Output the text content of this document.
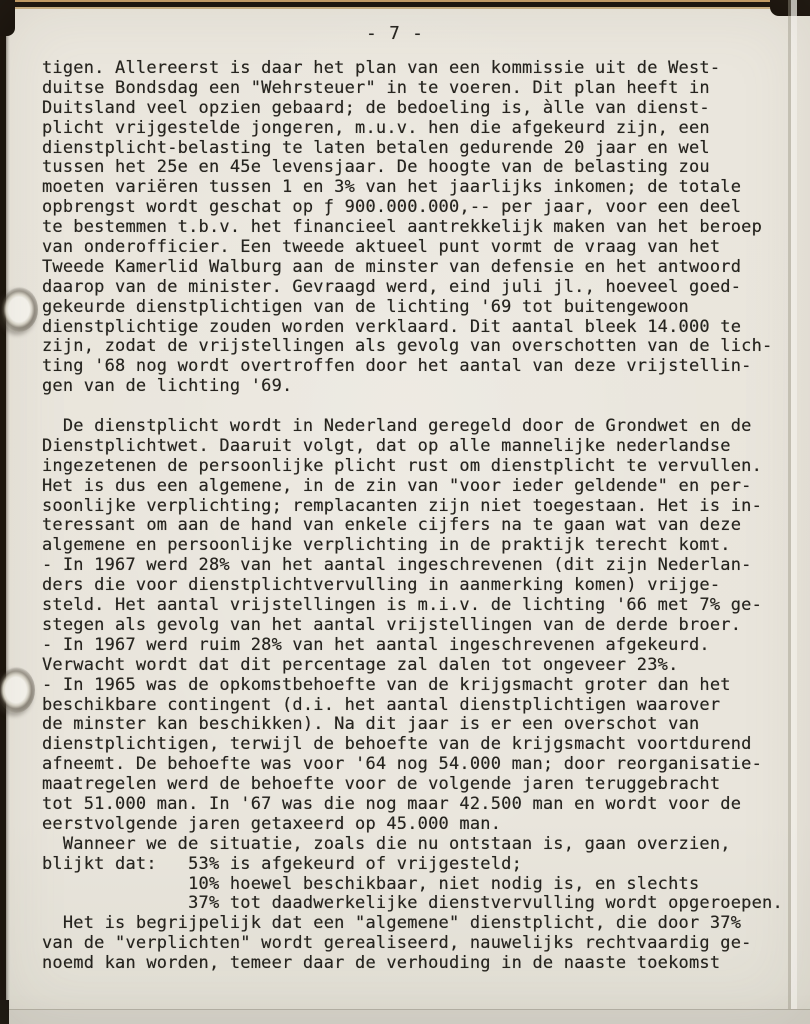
- 7 -
tigen. Allereerst is daar het plan van een kommissie uit de West-
duitse Bondsdag een "Wehrsteuer" in te voeren. Dit plan heeft in
Duitsland veel opzien gebaard; de bedoeling is, àlle van dienst-
plicht vrijgestelde jongeren, m.u.v. hen die afgekeurd zijn, een
dienstplicht-belasting te laten betalen gedurende 20 jaar en wel
tussen het 25e en 45e levensjaar. De hoogte van de belasting zou
moeten variëren tussen 1 en 3% van het jaarlijks inkomen; de totale
opbrengst wordt geschat op ƒ 900.000.000,-- per jaar, voor een deel
te bestemmen t.b.v. het financieel aantrekkelijk maken van het beroep
van onderofficier. Een tweede aktueel punt vormt de vraag van het
Tweede Kamerlid Walburg aan de minster van defensie en het antwoord
daarop van de minister. Gevraagd werd, eind juli jl., hoeveel goed-
gekeurde dienstplichtigen van de lichting '69 tot buitengewoon
dienstplichtige zouden worden verklaard. Dit aantal bleek 14.000 te
zijn, zodat de vrijstellingen als gevolg van overschotten van de lich-
ting '68 nog wordt overtroffen door het aantal van deze vrijstellin-
gen van de lichting '69.

De dienstplicht wordt in Nederland geregeld door de Grondwet en de
Dienstplichtwet. Daaruit volgt, dat op alle mannelijke nederlandse
ingezetenen de persoonlijke plicht rust om dienstplicht te vervullen.
Het is dus een algemene, in de zin van "voor ieder geldende" en per-
soonlijke verplichting; remplacanten zijn niet toegestaan. Het is in-
teressant om aan de hand van enkele cijfers na te gaan wat van deze
algemene en persoonlijke verplichting in de praktijk terecht komt.
- In 1967 werd 28% van het aantal ingeschrevenen (dit zijn Nederlan-
ders die voor dienstplichtvervulling in aanmerking komen) vrijge-
steld. Het aantal vrijstellingen is m.i.v. de lichting '66 met 7% ge-
stegen als gevolg van het aantal vrijstellingen van de derde broer.
- In 1967 werd ruim 28% van het aantal ingeschrevenen afgekeurd.
Verwacht wordt dat dit percentage zal dalen tot ongeveer 23%.
- In 1965 was de opkomstbehoefte van de krijgsmacht groter dan het
beschikbare contingent (d.i. het aantal dienstplichtigen waarover
de minster kan beschikken). Na dit jaar is er een overschot van
dienstplichtigen, terwijl de behoefte van de krijgsmacht voortdurend
afneemt. De behoefte was voor '64 nog 54.000 man; door reorganisatie-
maatregelen werd de behoefte voor de volgende jaren teruggebracht
tot 51.000 man. In '67 was die nog maar 42.500 man en wordt voor de
eerstvolgende jaren getaxeerd op 45.000 man.
Wanneer we de situatie, zoals die nu ontstaan is, gaan overzien,
blijkt dat:   53% is afgekeurd of vrijgesteld;
10% hoewel beschikbaar, niet nodig is, en slechts
37% tot daadwerkelijke dienstvervulling wordt opgeroepen.
Het is begrijpelijk dat een "algemene" dienstplicht, die door 37%
van de "verplichten" wordt gerealiseerd, nauwelijks rechtvaardig ge-
noemd kan worden, temeer daar de verhouding in de naaste toekomst
